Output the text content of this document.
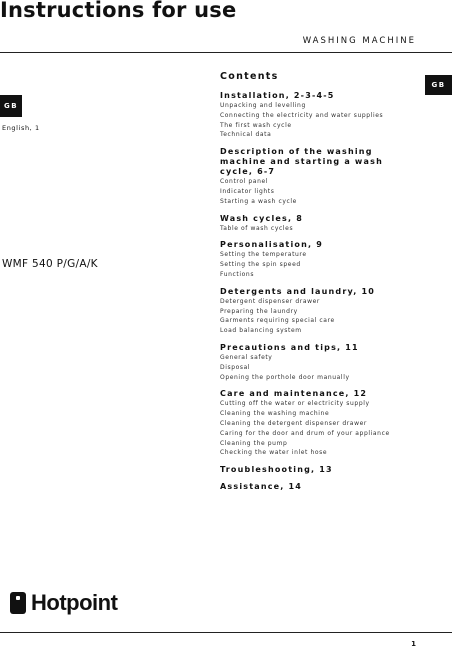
Instructions for use
WASHING MACHINE
GB
English, 1
WMF 540 P/G/A/K
GB
Contents
Installation, 2-3-4-5
Unpacking and levelling
Connecting the electricity and water supplies
The first wash cycle
Technical data
Description of the washing machine and starting a wash cycle, 6-7
Control panel
Indicator lights
Starting a wash cycle
Wash cycles, 8
Table of wash cycles
Personalisation, 9
Setting the temperature
Setting the spin speed
Functions
Detergents and laundry, 10
Detergent dispenser drawer
Preparing the laundry
Garments requiring special care
Load balancing system
Precautions and tips, 11
General safety
Disposal
Opening the porthole door manually
Care and maintenance, 12
Cutting off the water or electricity supply
Cleaning the washing machine
Cleaning the detergent dispenser drawer
Caring for the door and drum of your appliance
Cleaning the pump
Checking the water inlet hose
Troubleshooting, 13
Assistance, 14
Hotpoint
1
